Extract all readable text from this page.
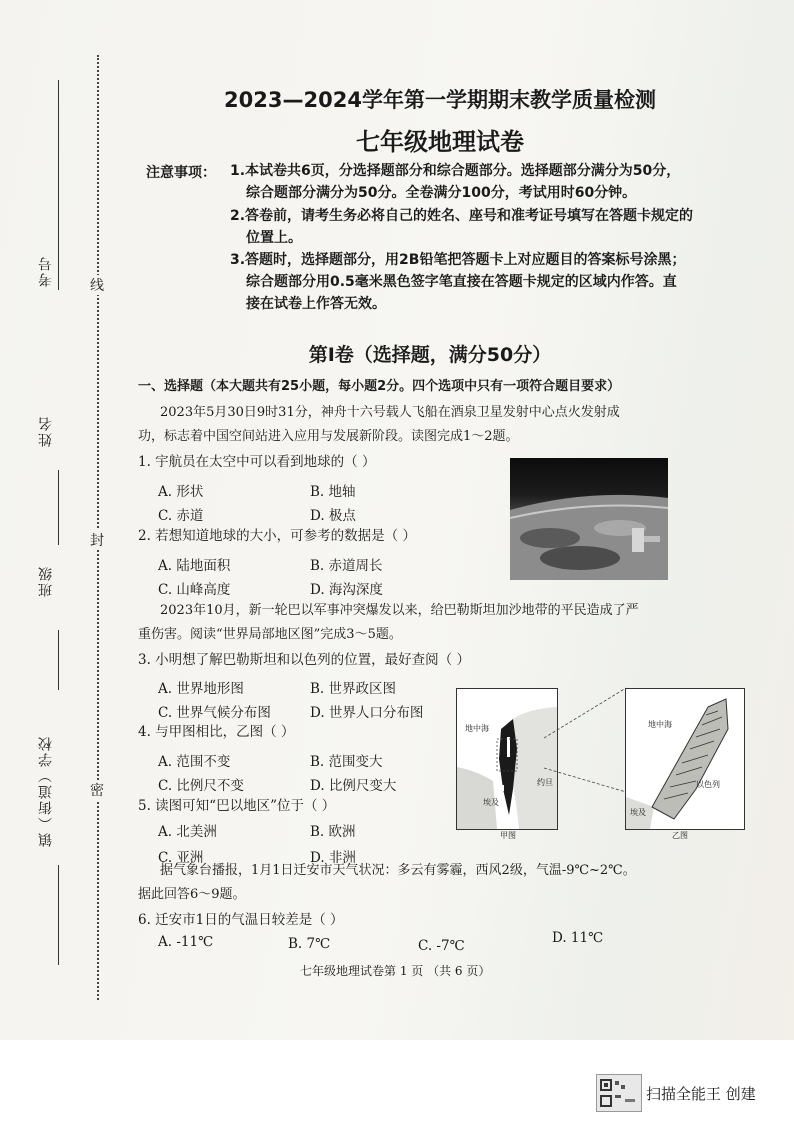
考号
姓名
班级
镇（街道）学校
线
封
密
2023—2024学年第一学期期末教学质量检测
七年级地理试卷
注意事项： 1.本试卷共6页，分选择题部分和综合题部分。选择题部分满分为50分，
综合题部分满分为50分。全卷满分100分，考试用时60分钟。
2.答卷前，请考生务必将自己的姓名、座号和准考证号填写在答题卡规定的
位置上。
3.答题时，选择题部分，用2B铅笔把答题卡上对应题目的答案标号涂黑；
综合题部分用0.5毫米黑色签字笔直接在答题卡规定的区域内作答。直
接在试卷上作答无效。
第Ⅰ卷（选择题，满分50分）
一、选择题（本大题共有25小题，每小题2分。四个选项中只有一项符合题目要求）
2023年5月30日9时31分，神舟十六号载人飞船在酒泉卫星发射中心点火发射成
功，标志着中国空间站进入应用与发展新阶段。读图完成1～2题。
1. 宇航员在太空中可以看到地球的（ ）
A. 形状	B. 地轴
C. 赤道	D. 极点
2. 若想知道地球的大小，可参考的数据是（ ）
A. 陆地面积	B. 赤道周长
C. 山峰高度	D. 海沟深度
2023年10月，新一轮巴以军事冲突爆发以来，给巴勒斯坦加沙地带的平民造成了严
重伤害。阅读“世界局部地区图”完成3～5题。
3. 小明想了解巴勒斯坦和以色列的位置，最好查阅（ ）
A. 世界地形图	B. 世界政区图
C. 世界气候分布图	D. 世界人口分布图
4. 与甲图相比，乙图（ ）
A. 范围不变	B. 范围变大
C. 比例尺不变	D. 比例尺变大
5. 读图可知“巴以地区”位于（ ）
A. 北美洲	B. 欧洲
C. 亚洲	D. 非洲
地中海
埃及
约旦
甲图
地中海
以色列
埃及
乙图
据气象台播报，1月1日迁安市天气状况：多云有雾霾，西风2级，气温-9℃~2℃。
据此回答6～9题。
6. 迁安市1日的气温日较差是（ ）
A. -11℃	B. 7℃	C. -7℃	D. 11℃
七年级地理试卷第 1 页 （共 6 页）
扫描全能王 创建
